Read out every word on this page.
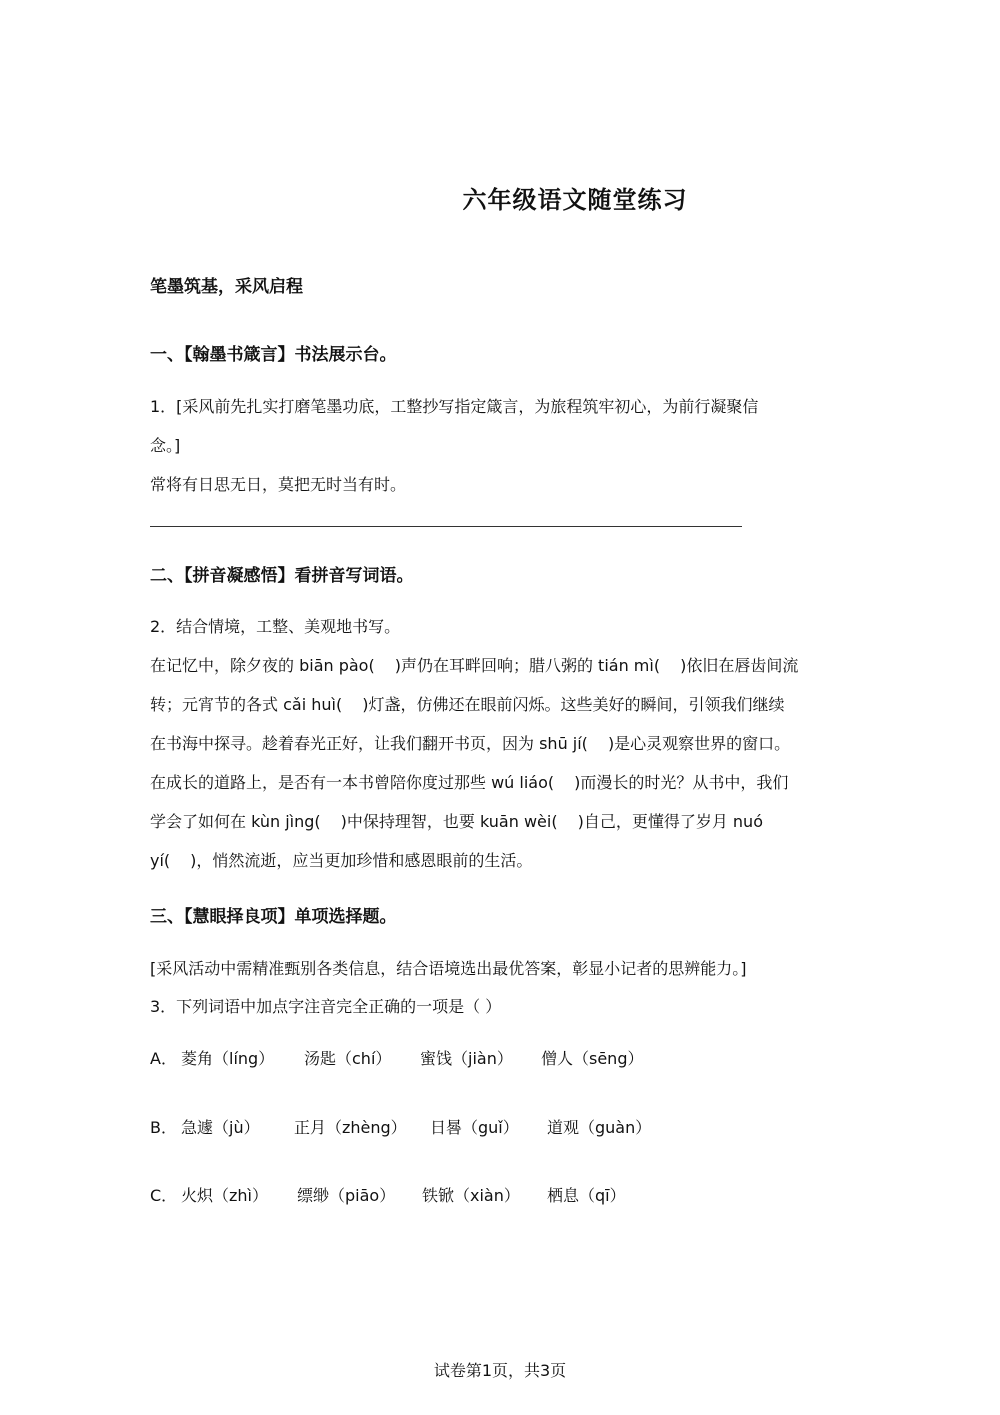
六年级语文随堂练习
笔墨筑基，采风启程
一、【翰墨书箴言】书法展示台。
1．[采风前先扎实打磨笔墨功底，工整抄写指定箴言，为旅程筑牢初心，为前行凝聚信
念。]
常将有日思无日，莫把无时当有时。
二、【拼音凝感悟】看拼音写词语。
2．结合情境，工整、美观地书写。
在记忆中，除夕夜的 biān pào( )声仍在耳畔回响；腊八粥的 tián mì( )依旧在唇齿间流
转；元宵节的各式 cǎi huì( )灯盏，仿佛还在眼前闪烁。这些美好的瞬间，引领我们继续
在书海中探寻。趁着春光正好，让我们翻开书页，因为 shū jí( )是心灵观察世界的窗口。
在成长的道路上，是否有一本书曾陪你度过那些 wú liáo( )而漫长的时光？从书中，我们
学会了如何在 kùn jìng( )中保持理智，也要 kuān wèi( )自己，更懂得了岁月 nuó
yí( )，悄然流逝，应当更加珍惜和感恩眼前的生活。
三、【慧眼择良项】单项选择题。
[采风活动中需精准甄别各类信息，结合语境选出最优答案，彰显小记者的思辨能力。]
3．下列词语中加点字注音完全正确的一项是（ ）
A． 菱角（líng） 汤匙（chí） 蜜饯（jiàn） 僧人（sēng）
B． 急遽（jù） 正月（zhèng） 日晷（guǐ） 道观（guàn）
C． 火炽（zhì） 缥缈（piāo） 铁锨（xiàn） 栖息（qī）
试卷第1页，共3页
